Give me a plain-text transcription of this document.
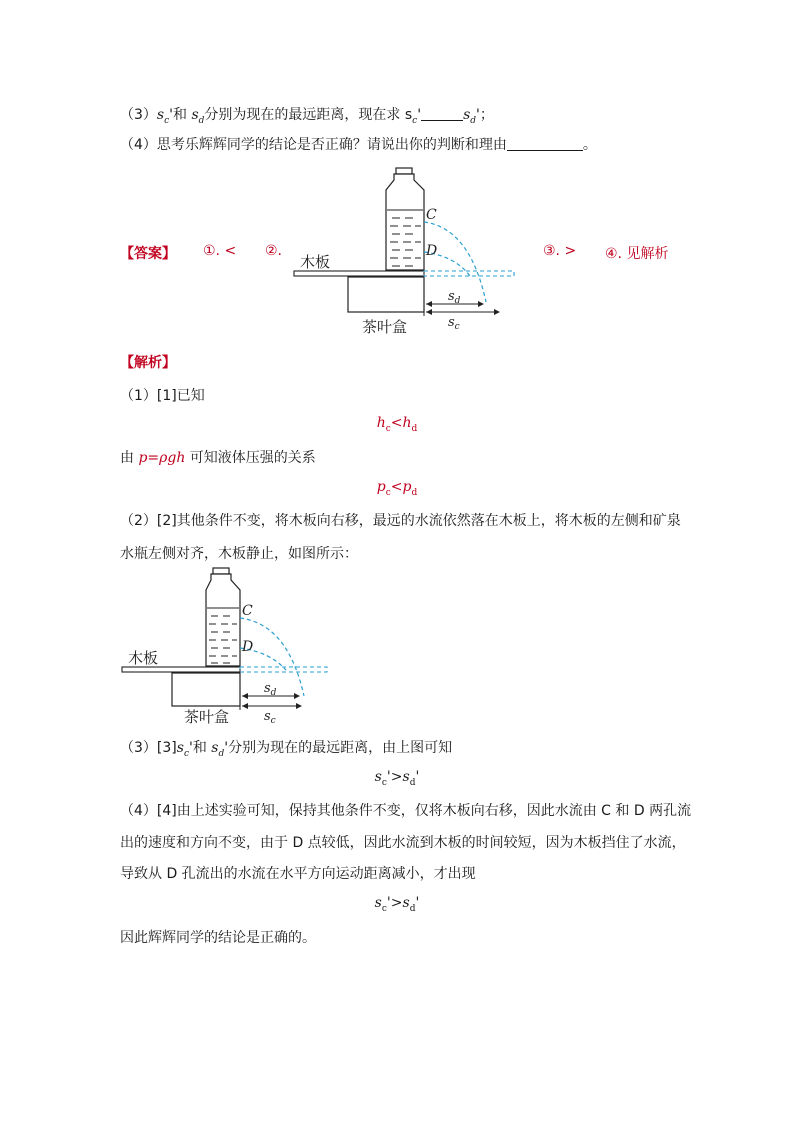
$(3)s_c'$和 $s_d$分别为现在的最远距离，现在求 $s_c'$	$s_d'$；
（4）思考乐辉辉同学的结论是否正确？请说出你的判断和理由	。
【答案】 ①. < ②.	③. > ④. 见解析
C
D
木板
茶叶盒
$s_d$
$s_c$
【解析】
（1）[1]已知
$h_c<h_d$
由 p=ρgh 可知液体压强的关系
$p_c<p_d$
（2）[2]其他条件不变，将木板向右移，最远的水流依然落在木板上，将木板的左侧和矿泉
水瓶左侧对齐，木板静止，如图所示：
C
D
木板
茶叶盒
$s_d$
$s_c$
$(3)[3]s_c'$和 $s_d'$分别为现在的最远距离，由上图可知
$s_c'>s_d'$
（4）[4]由上述实验可知，保持其他条件不变，仅将木板向右移，因此水流由 C 和 D 两孔流
出的速度和方向不变，由于 D 点较低，因此水流到木板的时间较短，因为木板挡住了水流，
导致从 D 孔流出的水流在水平方向运动距离减小，才出现
$s_c'>s_d'$
因此辉辉同学的结论是正确的。
